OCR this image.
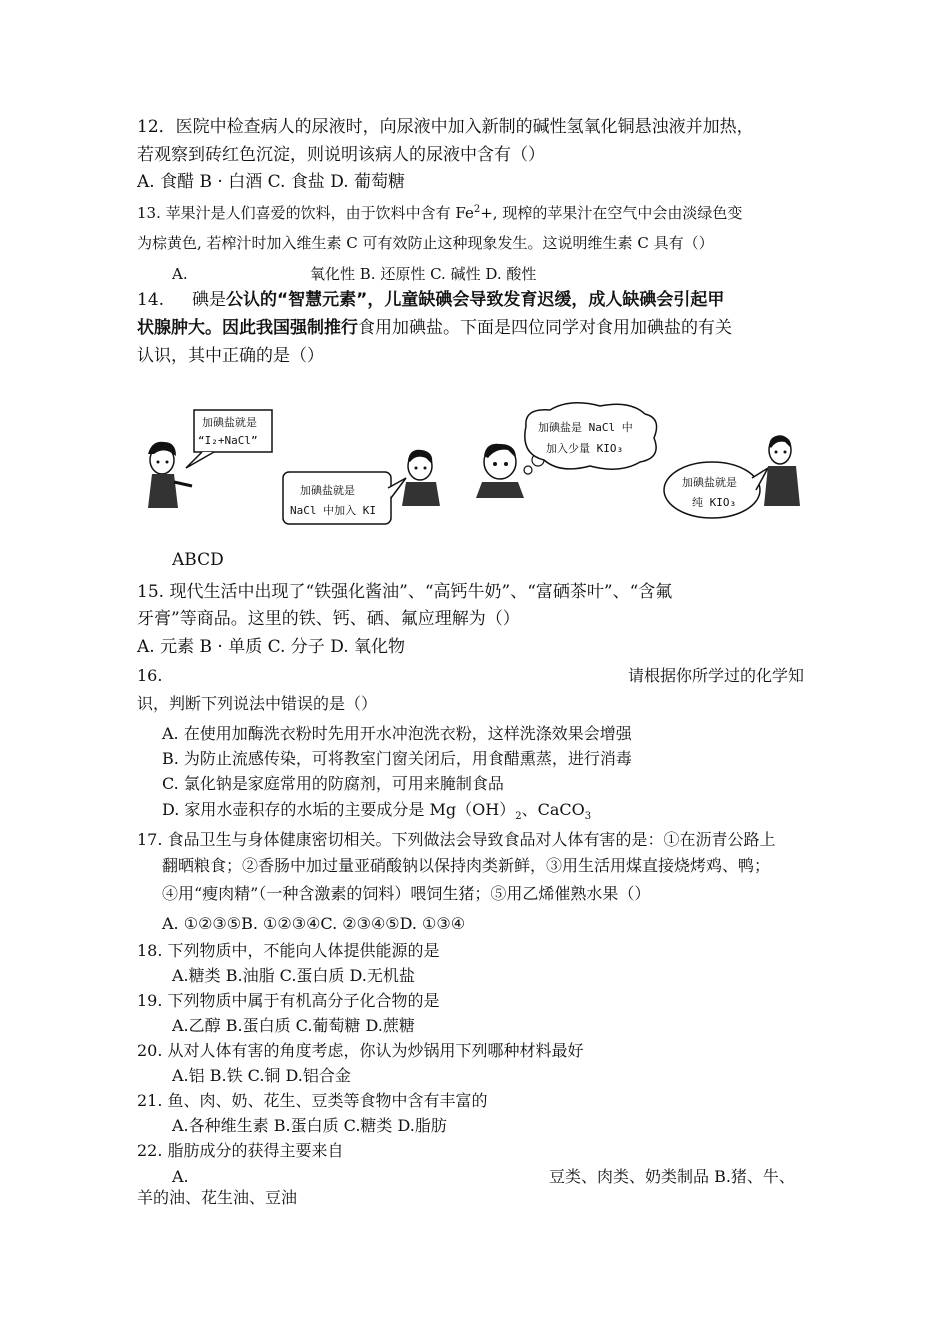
12．医院中检查病人的尿液时，向尿液中加入新制的碱性氢氧化铜悬浊液并加热，
若观察到砖红色沉淀，则说明该病人的尿液中含有（）
A. 食醋 B · 白酒 C. 食盐 D. 葡萄糖
13. 苹果汁是人们喜爱的饮料，由于饮料中含有 $Fe^2+$, 现榨的苹果汁在空气中会由淡绿色变
为棕黄色, 若榨汁时加入维生素 C 可有效防止这种现象发生。这说明维生素 C 具有（）
A.	氧化性 B. 还原性 C. 碱性 D. 酸性
14. 碘是公认的“智慧元素”，儿童缺碘会导致发育迟缓，成人缺碘会引起甲
状腺肿大。因此我国强制推行食用加碘盐。下面是四位同学对食用加碘盐的有关
认识，其中正确的是（）
加碘盐就是
“I₂+NaCl”
加碘盐就是
NaCl 中加入 KI
加碘盐是 NaCl 中
加入少量 KIO₃
加碘盐就是
纯 KIO₃
ABCD
15. 现代生活中出现了“铁强化酱油”、“高钙牛奶”、“富硒茶叶”、“含氟
牙膏”等商品。这里的铁、钙、硒、氟应理解为（）
A. 元素 B · 单质 C. 分子 D. 氧化物
16.	请根据你所学过的化学知
识，判断下列说法中错误的是（）
A. 在使用加酶洗衣粉时先用开水冲泡洗衣粉，这样洗涤效果会增强
B. 为防止流感传染，可将教室门窗关闭后，用食醋熏蒸，进行消毒
C. 氯化钠是家庭常用的防腐剂，可用来腌制食品
D. 家用水壶积存的水垢的主要成分是 $Mg(OH)_2$、CaCO$_3$
17. 食品卫生与身体健康密切相关。下列做法会导致食品对人体有害的是：①在沥青公路上
翻晒粮食；②香肠中加过量亚硝酸钠以保持肉类新鲜，③用生活用煤直接烧烤鸡、鸭；
④用“瘦肉精”（一种含激素的饲料）喂饲生猪；⑤用乙烯催熟水果（）
A. ①②③⑤B. ①②③④C. ②③④⑤D. ①③④
18. 下列物质中，不能向人体提供能源的是
A.糖类 B.油脂 C.蛋白质 D.无机盐
19. 下列物质中属于有机高分子化合物的是
A.乙醇 B.蛋白质 C.葡萄糖 D.蔗糖
20. 从对人体有害的角度考虑，你认为炒锅用下列哪种材料最好
A.铝 B.铁 C.铜 D.铝合金
21. 鱼、肉、奶、花生、豆类等食物中含有丰富的
A.各种维生素 B.蛋白质 C.糖类 D.脂肪
22. 脂肪成分的获得主要来自
A.	豆类、肉类、奶类制品 B.猪、牛、
羊的油、花生油、豆油
